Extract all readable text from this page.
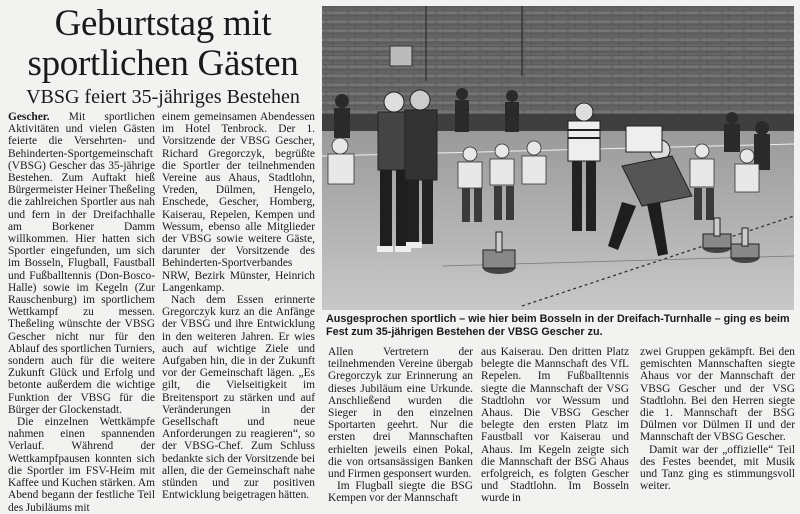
Geburtstag mit sportlichen Gästen
VBSG feiert 35-jähriges Bestehen

Gescher. Mit sportlichen Aktivitäten und vielen Gästen feierte die Versehrten- und Behinderten-Sportgemeinschaft (VBSG) Gescher das 35-jährige Bestehen. Zum Auftakt hieß Bürgermeister Heiner Theßeling die zahlreichen Sportler aus nah und fern in der Dreifachhalle am Borkener Damm willkommen. Hier hatten sich Sportler eingefunden, um sich im Bosseln, Flugball, Faustball und Fußballtennis (Don-Bosco-Halle) sowie im Kegeln (Zur Rauschenburg) im sportlichem Wettkampf zu messen. Theßeling wünschte der VBSG Gescher nicht nur für den Ablauf des sportlichen Turniers, sondern auch für die weitere Zukunft Glück und Erfolg und betonte außerdem die wichtige Funktion der VBSG für die Bürger der Glockenstadt.

Die einzelnen Wettkämpfe nahmen einen spannenden Verlauf. Während der Wettkampfpausen konnten sich die Sportler im FSV-Heim mit Kaffee und Kuchen stärken. Am Abend begann der festliche Teil des Jubiläums mit

einem gemeinsamen Abendessen im Hotel Tenbrock. Der 1. Vorsitzende der VBSG Gescher, Richard Gregorczyk, begrüßte die Sportler der teilnehmenden Vereine aus Ahaus, Stadtlohn, Vreden, Dülmen, Hengelo, Enschede, Gescher, Homberg, Kaiserau, Repelen, Kempen und Wessum, ebenso alle Mitglieder der VBSG sowie weitere Gäste, darunter der Vorsitzende des Behinderten-Sportverbandes NRW, Bezirk Münster, Heinrich Langenkamp.

Nach dem Essen erinnerte Gregorczyk kurz an die Anfänge der VBSG und ihre Entwicklung in den weiteren Jahren. Er wies auch auf wichtige Ziele und Aufgaben hin, die in der Zukunft vor der Gemeinschaft lägen. „Es gilt, die Vielseitigkeit im Breitensport zu stärken und auf Veränderungen in der Gesellschaft und neue Anforderungen zu reagieren“, so der VBSG-Chef. Zum Schluss bedankte sich der Vorsitzende bei allen, die der Gemeinschaft nahe stünden und zur positiven Entwicklung beigetragen hätten.

Ausgesprochen sportlich – wie hier beim Bosseln in der Dreifach-Turnhalle – ging es beim Fest zum 35-jährigen Bestehen der VBSG Gescher zu.

Allen Vertretern der teilnehmenden Vereine übergab Gregorczyk zur Erinnerung an dieses Jubiläum eine Urkunde. Anschließend wurden die Sieger in den einzelnen Sportarten geehrt. Nur die ersten drei Mannschaften erhielten jeweils einen Pokal, die von ortsansässigen Banken und Firmen gesponsert wurden.

Im Flugball siegte die BSG Kempen vor der Mannschaft

aus Kaiserau. Den dritten Platz belegte die Mannschaft des VfL Repelen. Im Fußballtennis siegte die Mannschaft der VSG Stadtlohn vor Wessum und Ahaus. Die VBSG Gescher belegte den ersten Platz im Faustball vor Kaiserau und Ahaus. Im Kegeln zeigte sich die Mannschaft der BSG Ahaus erfolgreich, es folgten Gescher und Stadtlohn. Im Bosseln wurde in

zwei Gruppen gekämpft. Bei den gemischten Mannschaften siegte Ahaus vor der Mannschaft der VBSG Gescher und der VSG Stadtlohn. Bei den Herren siegte die 1. Mannschaft der BSG Dülmen vor Dülmen II und der Mannschaft der VBSG Gescher.

Damit war der „offizielle“ Teil des Festes beendet, mit Musik und Tanz ging es stimmungsvoll weiter.
